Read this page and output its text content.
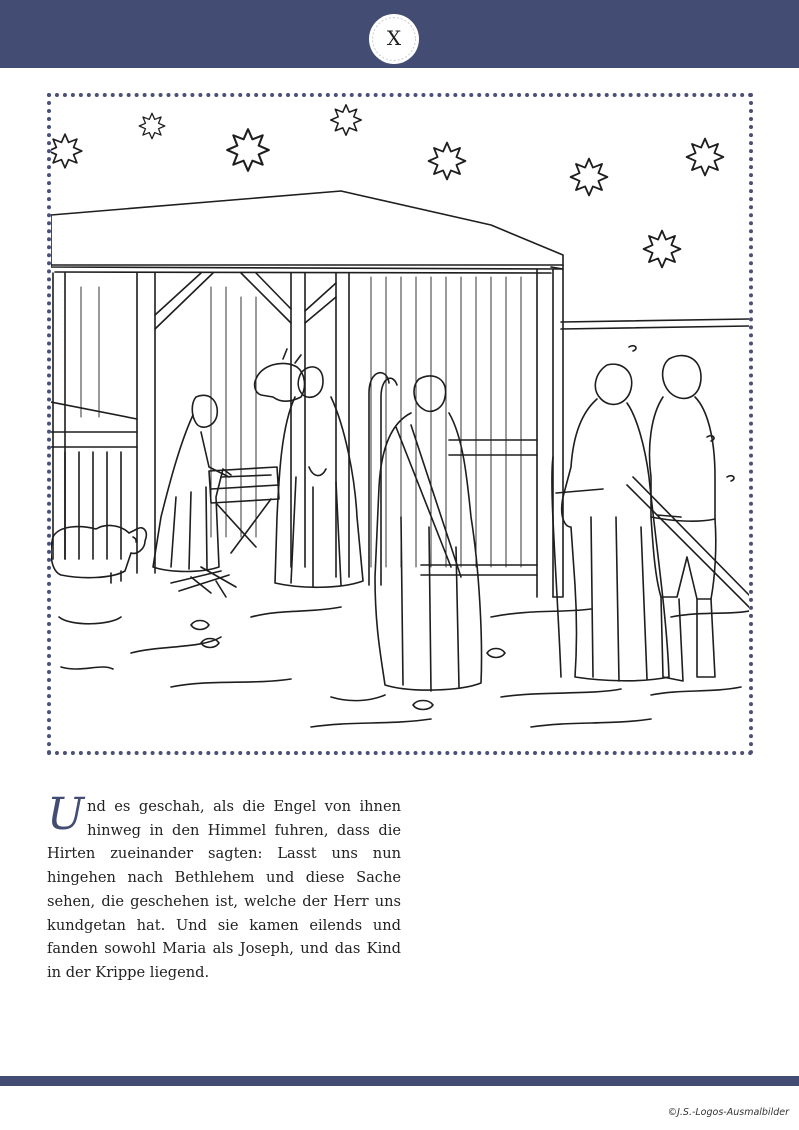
X
Und es geschah, als die Engel von ihnen hinweg in den Himmel fuhren, dass die Hirten zueinander sagten: Lasst uns nun hingehen nach Bethlehem und diese Sache sehen, die geschehen ist, welche der Herr uns kundgetan hat. Und sie kamen eilends und fanden sowohl Maria als Joseph, und das Kind in der Krippe liegend.
©J.S.-Logos-Ausmalbilder
